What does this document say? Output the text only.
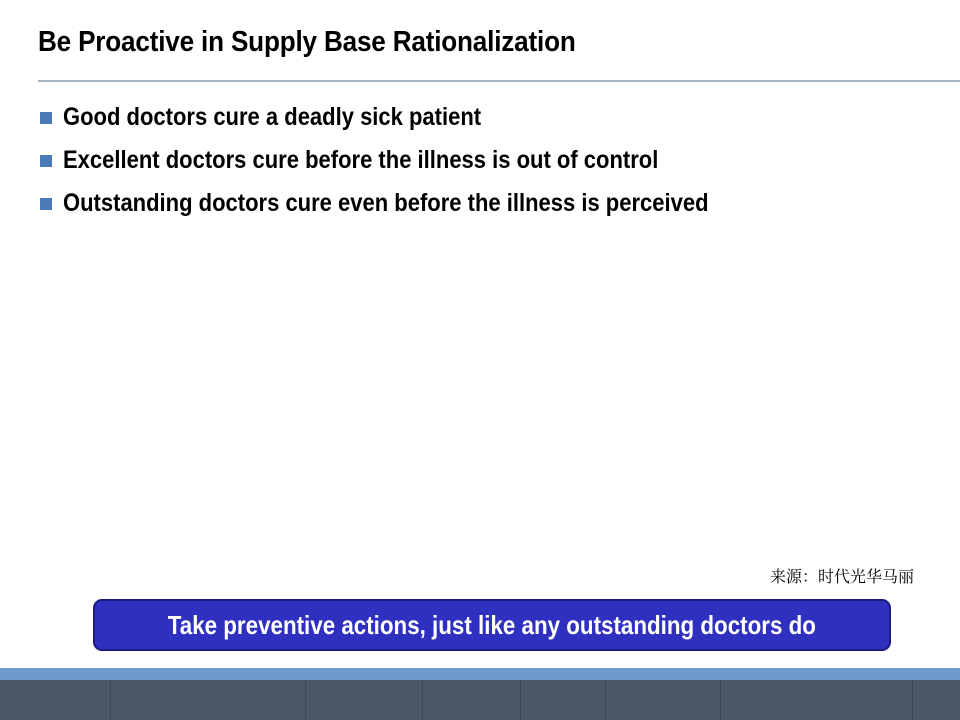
Be Proactive in Supply Base Rationalization
Good doctors cure a deadly sick patient
Excellent doctors cure before the illness is out of control
Outstanding doctors cure even before the illness is perceived
来源：时代光华马丽
Take preventive actions, just like any outstanding doctors do
